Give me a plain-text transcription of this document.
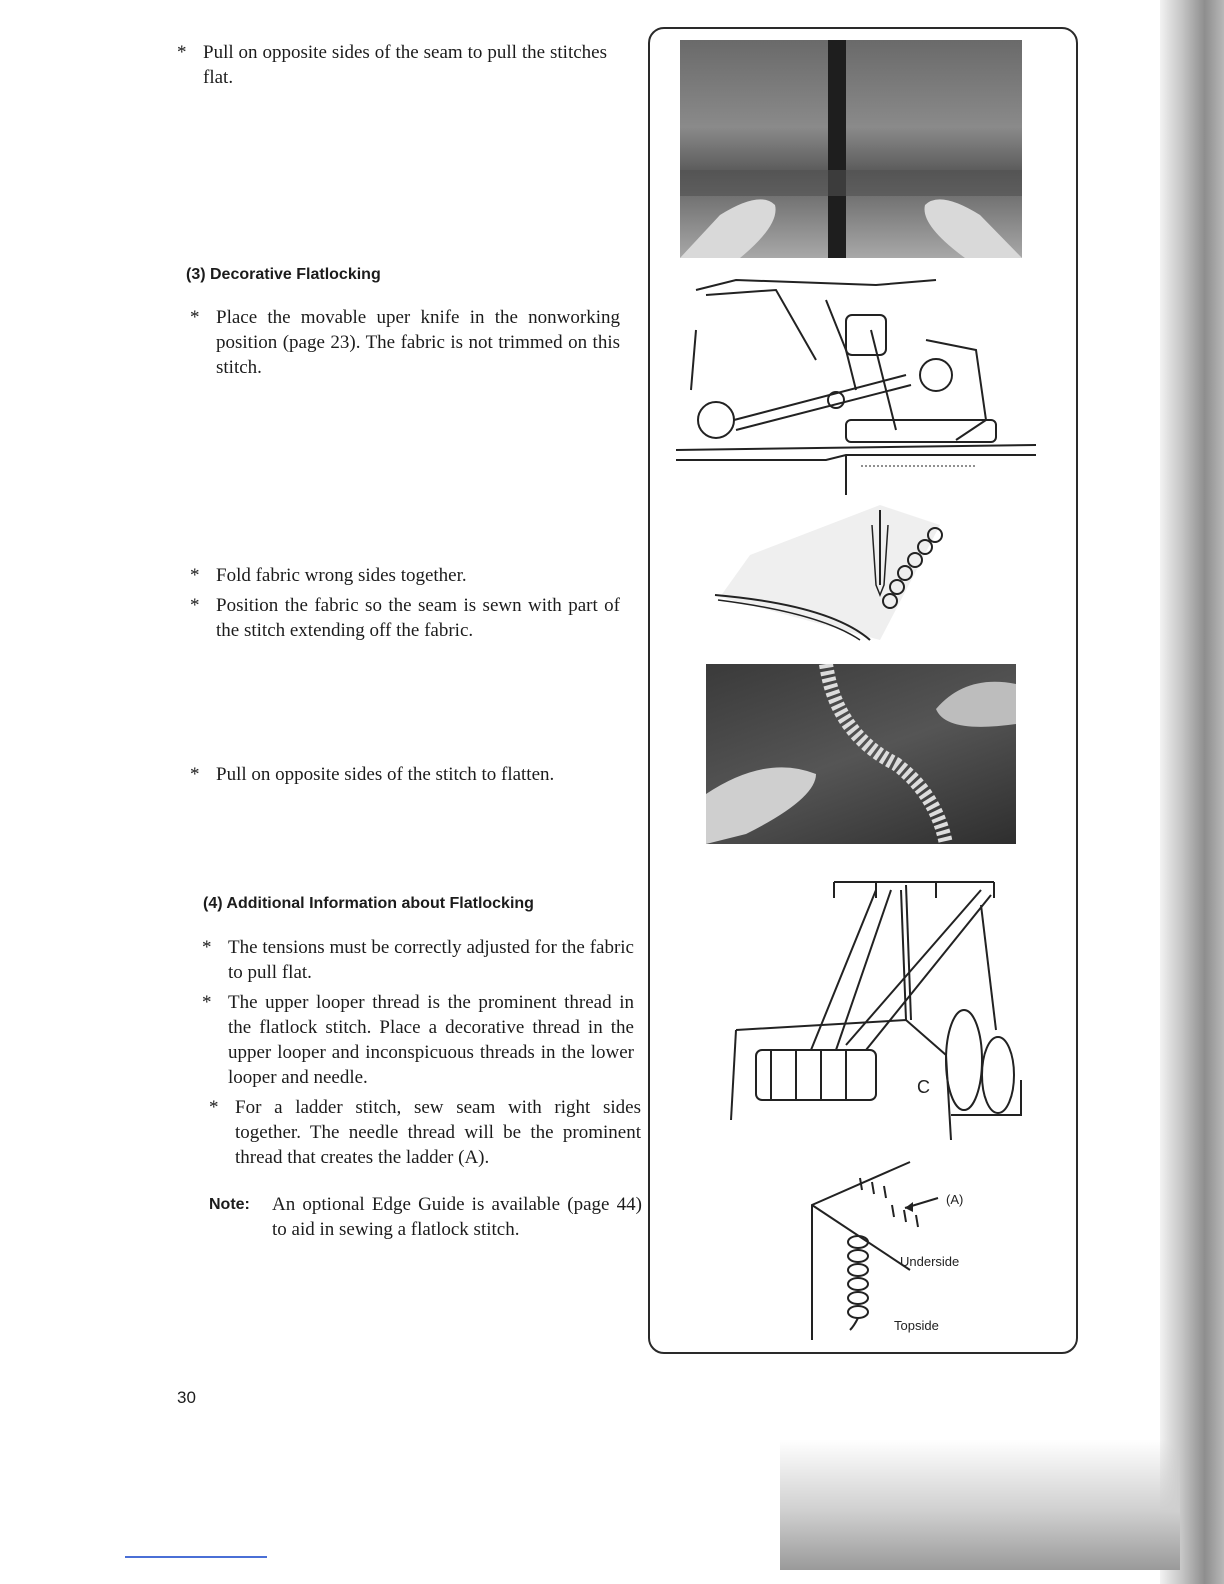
* Pull on opposite sides of the seam to pull the stitches flat.
(3) Decorative Flatlocking
* Place the movable uper knife in the nonworking position (page 23). The fabric is not trimmed on this stitch.
* Fold fabric wrong sides together.
* Position the fabric so the seam is sewn with part of the stitch extending off the fabric.
* Pull on opposite sides of the stitch to flatten.
(4) Additional Information about Flatlocking
* The tensions must be correctly adjusted for the fabric to pull flat.
* The upper looper thread is the prominent thread in the flatlock stitch. Place a decorative thread in the upper looper and inconspicuous threads in the lower looper and needle.
* For a ladder stitch, sew seam with right sides together. The needle thread will be the prominent thread that creates the ladder (A).
Note: An optional Edge Guide is available (page 44) to aid in sewing a flatlock stitch.
30
C
(A)
Underside
Topside
